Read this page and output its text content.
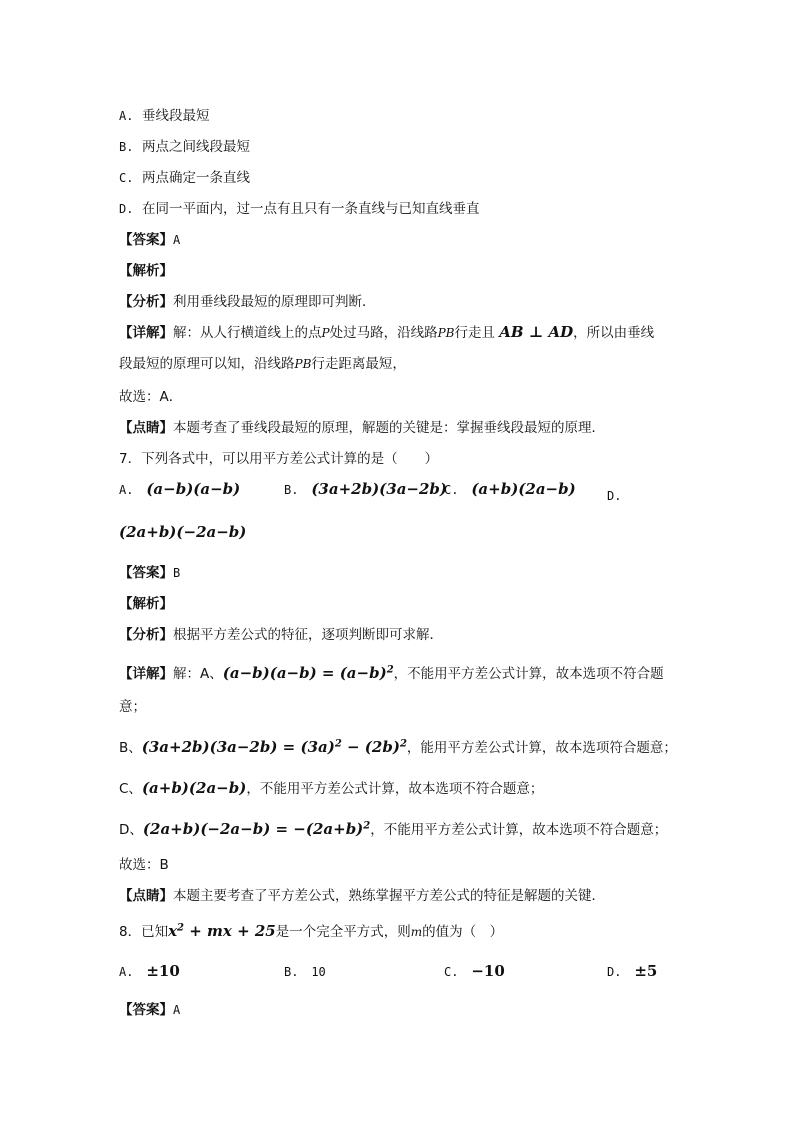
A. 垂线段最短
B. 两点之间线段最短
C. 两点确定一条直线
D. 在同一平面内，过一点有且只有一条直线与已知直线垂直
【答案】A
【解析】
【分析】利用垂线段最短的原理即可判断．
【详解】解：从人行横道线上的点P处过马路，沿线路PB行走且 AB ⊥ AD，所以由垂线
段最短的原理可以知，沿线路PB行走距离最短，
故选：A．
【点睛】本题考查了垂线段最短的原理，解题的关键是：掌握垂线段最短的原理．
7．下列各式中，可以用平方差公式计算的是（　　）
A. (a−b)(a−b)	B. (3a+2b)(3a−2b)
C. (a+b)(2a−b)	D.
(2a+b)(−2a−b)
【答案】B
【解析】
【分析】根据平方差公式的特征，逐项判断即可求解．
【详解】解：A、$(a-b)(a-b) = (a-b)^2$，不能用平方差公式计算，故本选项不符合题
意；
B、$(3a+2b)(3a-2b) = (3a)^2 - (2b)^2$，能用平方差公式计算，故本选项符合题意；
C、(a+b)(2a−b)，不能用平方差公式计算，故本选项不符合题意；
D、$(2a+b)(-2a-b) = -(2a+b)^2$，不能用平方差公式计算，故本选项不符合题意；
故选：B
【点睛】本题主要考查了平方差公式，熟练掌握平方差公式的特征是解题的关键．
8．已知$x^2$ + mx + 25是一个完全平方式，则m的值为（　）
A. ±10	B. 10	C. −10	D. ±5
【答案】A
